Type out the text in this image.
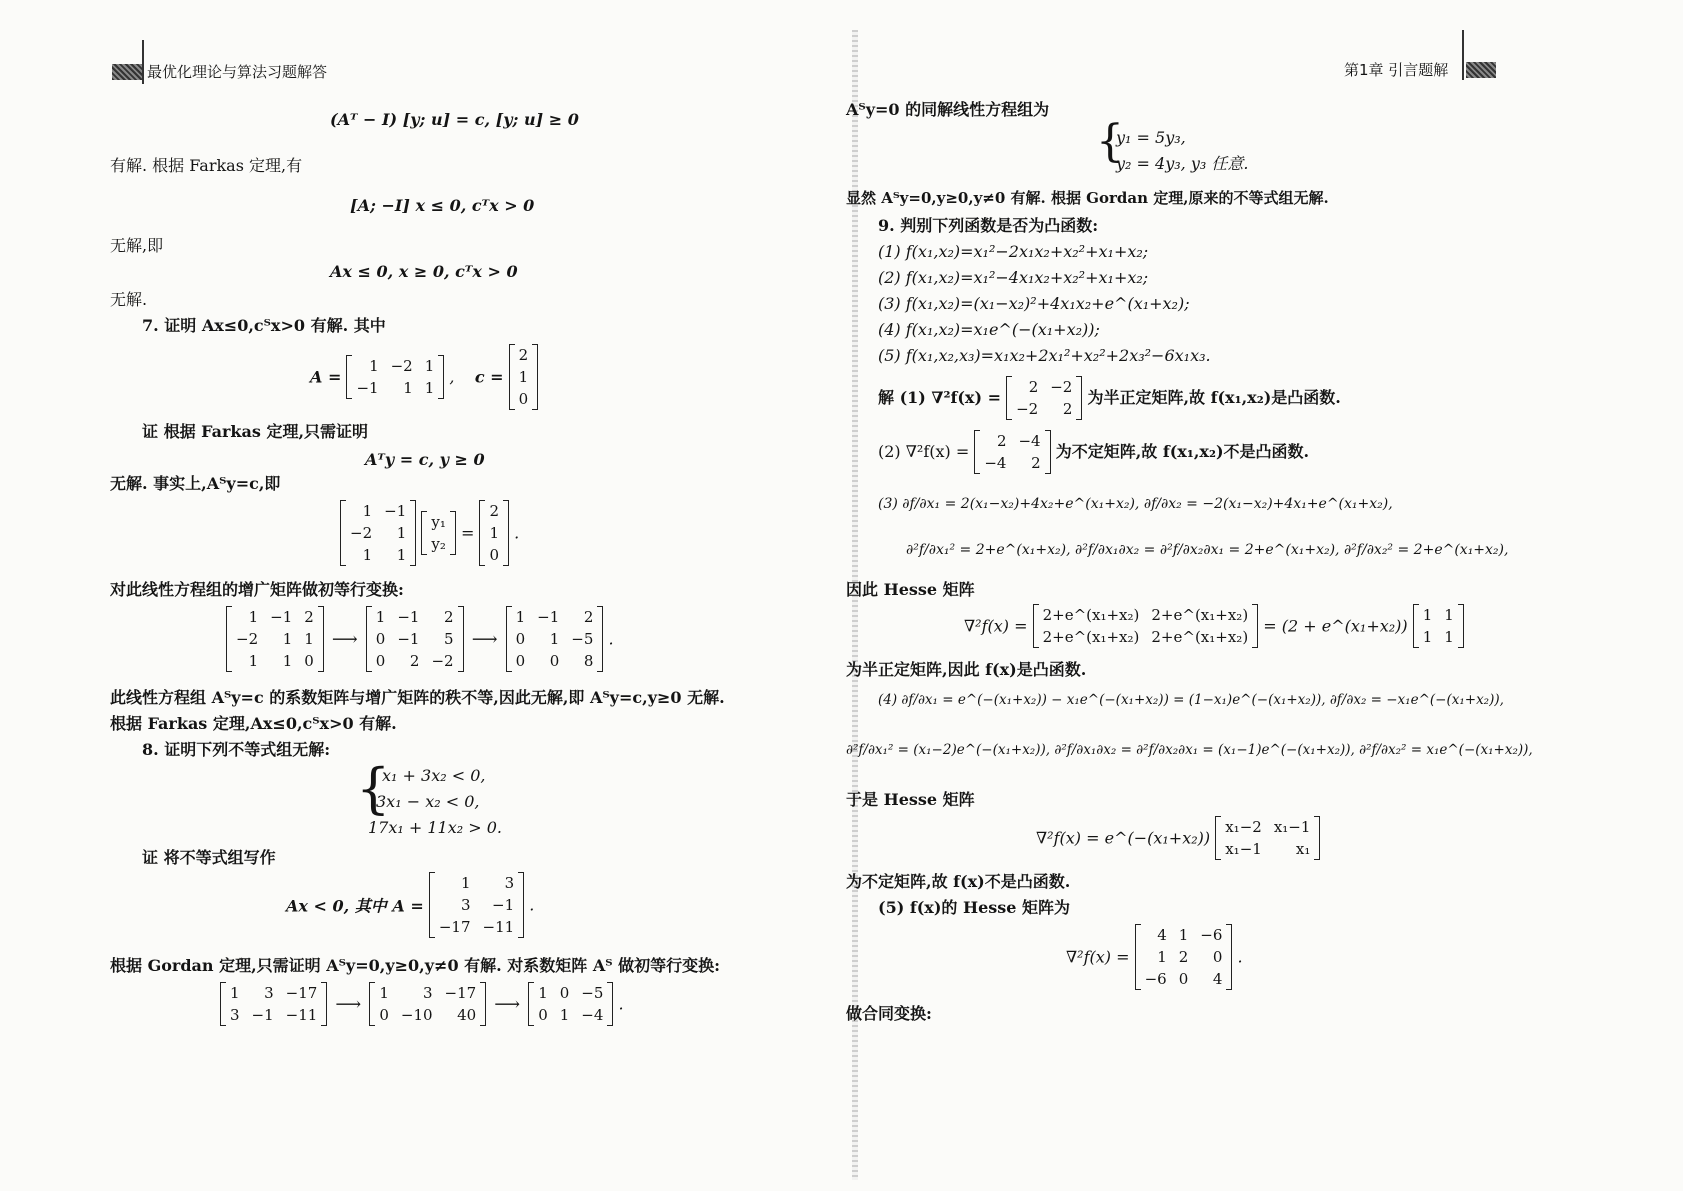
最优化理论与算法习题解答
(Aᵀ − I) [y; u] = c, [y; u] ≥ 0
有解. 根据 Farkas 定理,有
[A; −I] x ≤ 0, cᵀx > 0
无解,即
Ax ≤ 0, x ≥ 0, cᵀx > 0
无解.
7. 证明 Ax≤0,cᵀx>0 有解. 其中
A = 1	−2	1
−1	1	1 ,    c = 2
1
0
证 根据 Farkas 定理,只需证明
Aᵀy = c, y ≥ 0
无解. 事实上,Aᵀy=c,即
1	−1
−2	1
1	1 y₁
y₂ = 2
1
0 .
对此线性方程组的增广矩阵做初等行变换:
1	−1	2
−2	1	1
1	1	0 ⟶ 1	−1	2
0	−1	5
0	2	−2 ⟶ 1	−1	2
0	1	−5
0	0	8 .
此线性方程组 Aᵀy=c 的系数矩阵与增广矩阵的秩不等,因此无解,即 Aᵀy=c,y≥0 无解.
根据 Farkas 定理,Ax≤0,cᵀx>0 有解.
8. 证明下列不等式组无解:
{
x₁ + 3x₂ < 0,
3x₁ − x₂ < 0,
17x₁ + 11x₂ > 0.
证 将不等式组写作
Ax < 0, 其中 A = 1	3
3	−1
−17	−11 .
根据 Gordan 定理,只需证明 Aᵀy=0,y≥0,y≠0 有解. 对系数矩阵 Aᵀ 做初等行变换:
1	3	−17
3	−1	−11 ⟶ 1	3	−17
0	−10	40 ⟶ 1	0	−5
0	1	−4 .
第1章 引言题解
Aᵀy=0 的同解线性方程组为
{
y₁ = 5y₃,
y₂ = 4y₃, y₃ 任意.
显然 Aᵀy=0,y≥0,y≠0 有解. 根据 Gordan 定理,原来的不等式组无解.
9. 判别下列函数是否为凸函数:
(1) f(x₁,x₂)=x₁²−2x₁x₂+x₂²+x₁+x₂;
(2) f(x₁,x₂)=x₁²−4x₁x₂+x₂²+x₁+x₂;
(3) f(x₁,x₂)=(x₁−x₂)²+4x₁x₂+e^(x₁+x₂);
(4) f(x₁,x₂)=x₁e^(−(x₁+x₂));
(5) f(x₁,x₂,x₃)=x₁x₂+2x₁²+x₂²+2x₃²−6x₁x₃.
解 (1) ∇²f(x) = 2	−2
−2	2 为半正定矩阵,故 f(x₁,x₂)是凸函数.
(2) ∇²f(x) = 2	−4
−4	2 为不定矩阵,故 f(x₁,x₂)不是凸函数.
(3) ∂f/∂x₁ = 2(x₁−x₂)+4x₂+e^(x₁+x₂), ∂f/∂x₂ = −2(x₁−x₂)+4x₁+e^(x₁+x₂),
∂²f/∂x₁² = 2+e^(x₁+x₂), ∂²f/∂x₁∂x₂ = ∂²f/∂x₂∂x₁ = 2+e^(x₁+x₂), ∂²f/∂x₂² = 2+e^(x₁+x₂),
因此 Hesse 矩阵
∇²f(x) = 2+e^(x₁+x₂)	2+e^(x₁+x₂)
2+e^(x₁+x₂)	2+e^(x₁+x₂) = (2 + e^(x₁+x₂)) 1	1
1	1
为半正定矩阵,因此 f(x)是凸函数.
(4) ∂f/∂x₁ = e^(−(x₁+x₂)) − x₁e^(−(x₁+x₂)) = (1−x₁)e^(−(x₁+x₂)), ∂f/∂x₂ = −x₁e^(−(x₁+x₂)),
∂²f/∂x₁² = (x₁−2)e^(−(x₁+x₂)), ∂²f/∂x₁∂x₂ = ∂²f/∂x₂∂x₁ = (x₁−1)e^(−(x₁+x₂)), ∂²f/∂x₂² = x₁e^(−(x₁+x₂)),
于是 Hesse 矩阵
∇²f(x) = e^(−(x₁+x₂)) x₁−2	x₁−1
x₁−1	x₁
为不定矩阵,故 f(x)不是凸函数.
(5) f(x)的 Hesse 矩阵为
∇²f(x) = 4	1	−6
1	2	0
−6	0	4 .
做合同变换:
